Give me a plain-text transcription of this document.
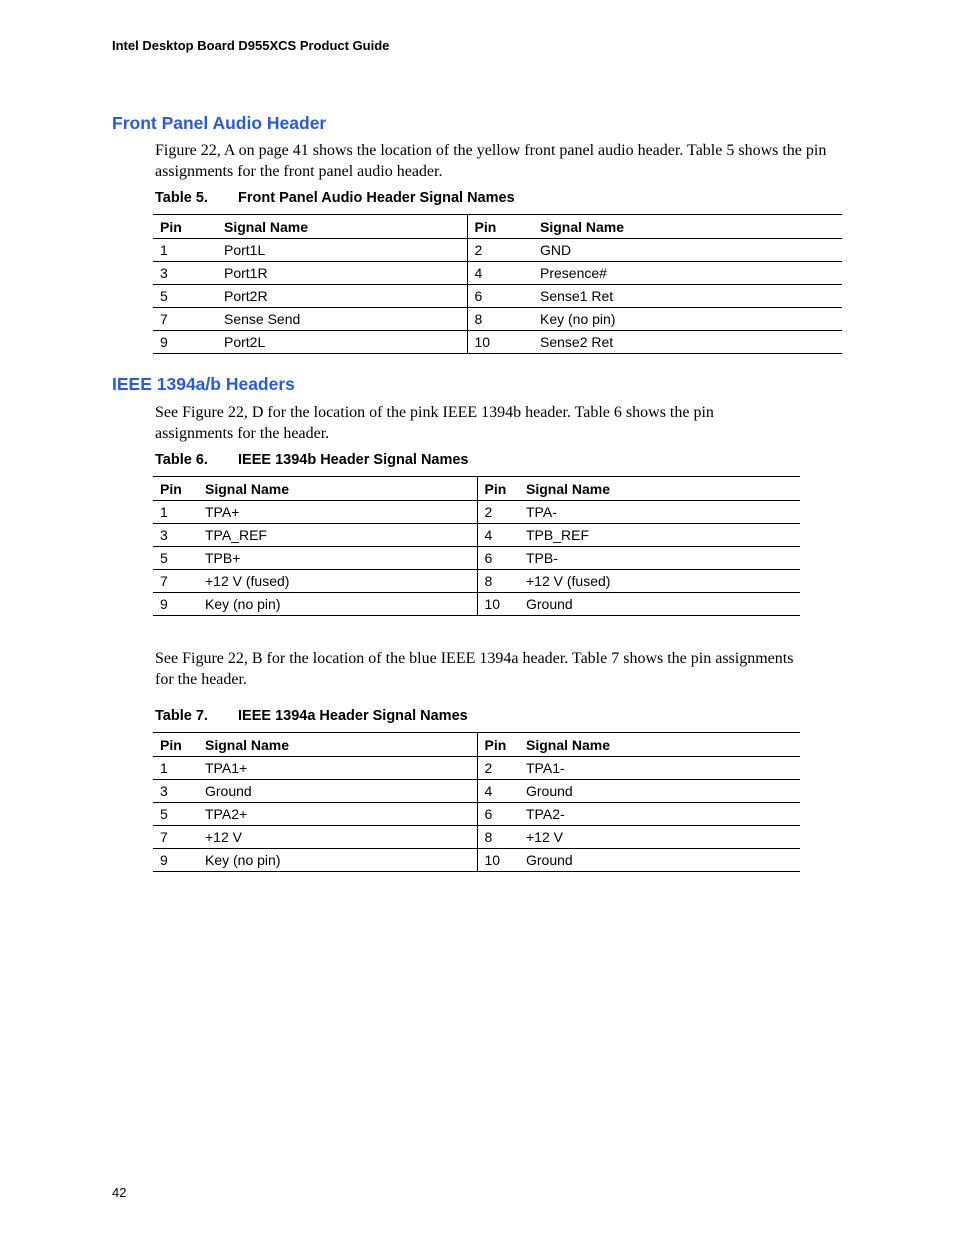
Intel Desktop Board D955XCS Product Guide
Front Panel Audio Header
Figure 22, A on page 41 shows the location of the yellow front panel audio header. Table 5 shows the pin assignments for the front panel audio header.
Table 5. Front Panel Audio Header Signal Names
Pin	Signal Name	Pin	Signal Name
1	Port1L	2	GND
3	Port1R	4	Presence#
5	Port2R	6	Sense1 Ret
7	Sense Send	8	Key (no pin)
9	Port2L	10	Sense2 Ret
IEEE 1394a/b Headers
See Figure 22, D for the location of the pink IEEE 1394b header. Table 6 shows the pin assignments for the header.
Table 6. IEEE 1394b Header Signal Names
Pin	Signal Name	Pin	Signal Name
1	TPA+	2	TPA-
3	TPA_REF	4	TPB_REF
5	TPB+	6	TPB-
7	+12 V (fused)	8	+12 V (fused)
9	Key (no pin)	10	Ground
See Figure 22, B for the location of the blue IEEE 1394a header. Table 7 shows the pin assignments for the header.
Table 7. IEEE 1394a Header Signal Names
Pin	Signal Name	Pin	Signal Name
1	TPA1+	2	TPA1-
3	Ground	4	Ground
5	TPA2+	6	TPA2-
7	+12 V	8	+12 V
9	Key (no pin)	10	Ground
42
